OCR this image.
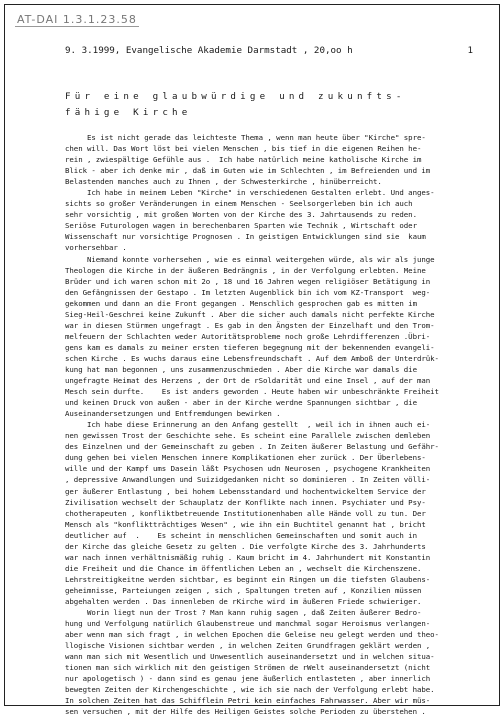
AT-DAI 1.3.1.23.58
9. 3.1999, Evangelische Akademie Darmstadt , 20,oo h	1
Für eine glaubwürdige und zukunfts-
fähige Kirche
Es ist nicht gerade das leichteste Thema , wenn man heute über "Kirche" spre-
chen will. Das Wort löst bei vielen Menschen , bis tief in die eigenen Reihen he-
rein , zwiespältige Gefühle aus .  Ich habe natürlich meine katholische Kirche im
Blick - aber ich denke mir , daß im Guten wie im Schlechten , im Befreienden und im
Belastenden manches auch zu Ihnen , der Schwesterkirche , hinüberreicht.
Ich habe in meinem Leben "Kirche" in verschiedenen Gestalten erlebt. Und anges-
sichts so großer Veränderungen in einem Menschen - Seelsorgerleben bin ich auch
sehr vorsichtig , mit großen Worten von der Kirche des 3. Jahrtausends zu reden.
Seriöse Futurologen wagen in berechenbaren Sparten wie Technik , Wirtschaft oder
Wissenschaft nur vorsichtige Prognosen . In geistigen Entwicklungen sind sie  kaum
vorhersehbar .
Niemand konnte vorhersehen , wie es einmal weitergehen würde, als wir als junge
Theologen die Kirche in der äußeren Bedrängnis , in der Verfolgung erlebten. Meine
Brüder und ich waren schon mit 2o , 18 und 16 Jahren wegen religiöser Betätigung in
den Gefängnissen der Gestapo . Im letzten Augenblick bin ich vom KZ-Transport  weg-
gekommen und dann an die Front gegangen . Menschlich gesprochen gab es mitten im
Sieg-Heil-Geschrei keine Zukunft . Aber die sicher auch damals nicht perfekte Kirche
war in diesen Stürmen ungefragt . Es gab in den Ängsten der Einzelhaft und den Trom-
melfeuern der Schlachten weder Autoritätsprobleme noch große Lehrdifferenzen .Übri-
gens kam es damals zu meiner ersten tieferen begegnung mit der bekennenden evangeli-
schen Kirche . Es wuchs daraus eine Lebensfreundschaft . Auf dem Amboß der Unterdrük-
kung hat man begonnen , uns zusammenzuschmieden . Aber die Kirche war damals die
ungefragte Heimat des Herzens , der Ort de rSoldarität und eine Insel , auf der man
Mesch sein durfte.    Es ist anders geworden . Heute haben wir unbeschränkte Freiheit
und keinen Druck von außen - aber in der Kirche werdne Spannungen sichtbar , die
Auseinandersetzungen und Entfremdungen bewirken .
Ich habe diese Erinnerung an den Anfang gestellt  , weil ich in ihnen auch ei-
nen gewissen Trost der Geschichte sehe. Es scheint eine Parallele zwischen demleben
des Einzelnen und der Gemeinschaft zu geben . In Zeiten äußerer Belastung und Gefähr-
dung gehen bei vielen Menschen innere Komplikationen eher zurück . Der Überlebens-
wille und der Kampf ums Dasein läßt Psychosen udn Neurosen , psychogene Krankheiten
, depressive Anwandlungen und Suizidgedanken nicht so dominieren . In Zeiten völli-
ger äußerer Entlastung , bei hohem Lebensstandard und hochentwickeltem Service der
Zivilisation wechselt der Schauplatz der Konflikte nach innen. Psychiater und Psy-
chotherapeuten , konfliktbetreuende Institutionenhaben alle Hände voll zu tun. Der
Mensch als "konfliktträchtiges Wesen" , wie ihn ein Buchtitel genannt hat , bricht
deutlicher auf  .    Es scheint in menschlichen Gemeinschaften und somit auch in
der Kirche das gleiche Gesetz zu gelten . Die verfolgte Kirche des 3. Jahrhunderts
war nach innen verhältnismäßig ruhig . Kaum bricht im 4. Jahrhundert mit Konstantin
die Freiheit und die Chance im öffentlichen Leben an , wechselt die Kirchenszene.
Lehrstreitigkeitne werden sichtbar, es beginnt ein Ringen um die tiefsten Glaubens-
geheimnisse, Parteiungen zeigen , sich , Spaltungen treten auf , Konzilien müssen
abgehalten werden . Das innenleben de rKirche wird im äußeren Friede schwieriger.
Worin liegt nun der Trost ? Man kann ruhig sagen , daß Zeiten äußerer Bedro-
hung und Verfolgung natürlich Glaubenstreue und manchmal sogar Heroismus verlangen-
aber wenn man sich fragt , in welchen Epochen die Geleise neu gelegt werden und theo-
llogische Visionen sichtbar werden , in welchen Zeiten Grundfragen geklärt werden ,
wann man sich mit Wesentlich und Unwesentlich auseinandersetzt und in welchen situa-
tionen man sich wirklich mit den geistigen Strömen de rWelt auseinandersetzt (nicht
nur apologetisch ) - dann sind es genau jene äußerlich entlasteten , aber innerlich
bewegten Zeiten der Kirchengeschichte , wie ich sie nach der Verfolgung erlebt habe.
In solchen Zeiten hat das Schifflein Petri kein einfaches Fahrwasser. Aber wir müs-
sen versuchen , mit der Hilfe des Heiligen Geistes solche Perioden zu überstehen .
